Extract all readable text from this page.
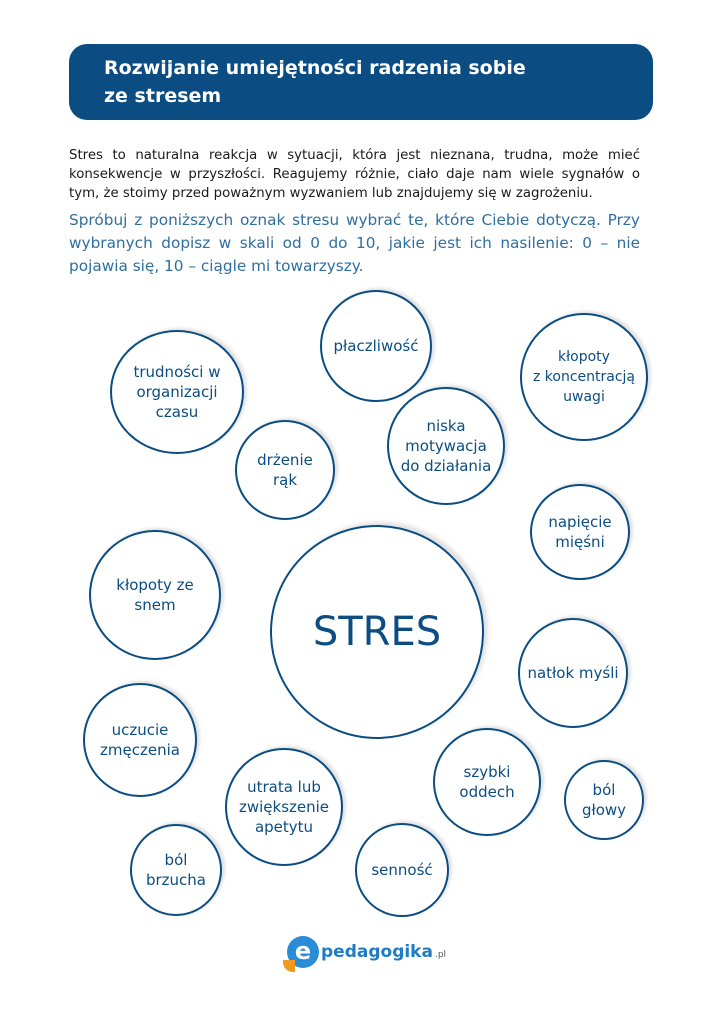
Rozwijanie umiejętności radzenia sobie ze stresem
Stres to naturalna reakcja w sytuacji, która jest nieznana, trudna, może mieć konsekwencje w przyszłości. Reagujemy różnie, ciało daje nam wiele sygnałów o tym, że stoimy przed poważnym wyzwaniem lub znajdujemy się w zagrożeniu.
Spróbuj z poniższych oznak stresu wybrać te, które Ciebie dotyczą. Przy wybranych dopisz w skali od 0 do 10, jakie jest ich nasilenie: 0 – nie pojawia się, 10 – ciągle mi towarzyszy.
płaczliwość
kłopoty
z koncentracją
uwagi
trudności w
organizacji
czasu
niska
motywacja
do działania
drżenie
rąk
napięcie
mięśni
kłopoty ze
snem
STRES
natłok myśli
uczucie
zmęczenia
szybki
oddech	ból
głowy
utrata lub
zwiększenie
apetytu
ból
brzucha
senność
e pedagogika .pl
